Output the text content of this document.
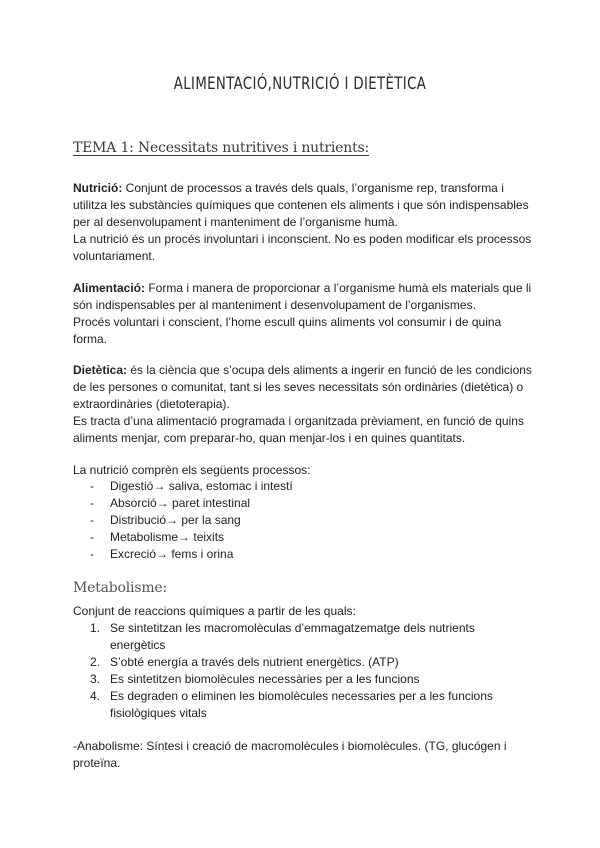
ALIMENTACIÓ,NUTRICIÓ I DIETÈTICA
TEMA 1: Necessitats nutritives i nutrients:
Nutrició: Conjunt de processos a través dels quals, l’organisme rep, transforma i utilitza les substàncies químiques que contenen els aliments i que són indispensables per al desenvolupament i manteniment de l’organisme humà.
La nutrició és un procés involuntari i inconscient. No es poden modificar els processos voluntariament.
Alimentació: Forma i manera de proporcionar a l’organisme humà els materials que li són indispensables per al manteniment i desenvolupament de l’organismes.
Procés voluntari i conscient, l’home escull quins aliments vol consumir i de quina forma.
Dietètica: és la ciència que s’ocupa dels aliments a ingerir en funció de les condicions de les persones o comunitat, tant si les seves necessitats són ordinàries (dietètica) o extraordinàries (dietoterapia).
Es tracta d’una alimentació programada i organitzada prèviament, en funció de quins aliments menjar, com preparar-ho, quan menjar-los i en quines quantitats.
La nutrició comprèn els següents processos:
-	Digestió→ saliva, estomac i intestí
-	Absorció→ paret intestinal
-	Distribució→ per la sang
-	Metabolisme→ teixits
-	Excreció→ fems i orina
Metabolisme:
Conjunt de reaccions químiques a partir de les quals:
1. Se sintetitzan les macromolèculas d’emmagatzematge dels nutrients energètics
2. S’obté energía a través dels nutrient energètics. (ATP)
3. Es sintetitzen biomolècules necessàries per a les funcions
4. Es degraden o eliminen les biomolècules necessaries per a les funcions fisiològiques vitals
-Anabolisme: Síntesi i creació de macromolècules i biomolècules. (TG, glucógen i proteïna.
